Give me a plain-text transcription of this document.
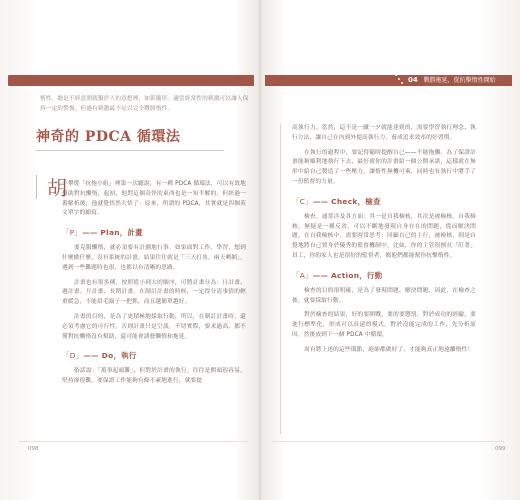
04 戰勝拖延，從抗擊惰性開始
惰性，總是不經意間就擬於人的意想裡，如影隨形。適當經常性的刺激可以讓人保持一定的警惕，但過有刺激最不足以完全戰勝惰性。
神奇的 PDCA 循環法
胡

小攀從「抗拖小組」裡第一次聽說，有一種 PDCA 循環法，可以有效地幫助對抗懶惰，起初，他對這個奇怪的東西也是一知半解的，但經過一番解析後，他就覺悟然大悟了：原來，所謂的 PDCA，其實就是四個英文單字的縮寫。

「P」—— Plan，計畫

要克服懶惰，就必須要有計劃地行事。如果面對工作、學習，想到什麼做什麼，沒有系統的計畫，結果往往就是「三天打魚，兩天晒網」，遇到一些難題時也很，也都以有清晰的思路。

計畫也有很多種，按照從小到大的順序，可將計畫分為：日計畫、週計畫、月計畫、長期計畫。在制訂計畫的時候，一定得分清事情的輕重緩急，不能眉毛鬍子一把抓，而且越簡單越好。

計畫的目的，是為了更積極地採取行動，所以，在制訂計畫時，還必須考慮它的可行性。否則計畫只是空談，不切實際，要求過高、都不僅對抗懶惰沒有幫助，還可能會誘發懶惰和拖延。

「D」—— Do，執行

俗話說：「萬事起頭難」，但對於計畫的執行，往往是開頭很容易，堅持卻很難。要保證工作能夠有條不紊地進行，就要提

098

高執行力。當然，這不是一蹴一夕就能達到的，需要學習執行理念、執行方法，讓自己在內到外提高執行力，養成追求效率的好習慣。

在執行的過程中，要記得隨時提醒自己——不能拖懶，為了保證計畫能夠順利地執行下去，最好就你的計畫給一個公開承諾，這樣就在無形中給自己製造了一些壓力，讓惰性無機可乘，同時也有執行中將手了一份監督的力量。

「C」—— Check，檢查

檢查，通常涉及各方面：其一是自我檢核，其次是被檢核。自我檢核，無疑是一種反省，可以不斷地發現自身存在的問題，從而解決問題，在自我檢核中，需要時常思考：回顧自己的主行，被檢核，則是自覺地將自己置身於優秀的監督機制中，比如，你的主管很擅長「盯著」員工，你的家人也是很好的監督者，都他們都能幫你抗擊惰性。

「A」—— Action，行動

檢查的目的很明確，是為了發現問題、解決問題，因此，在檢查之後，就要採取行動。

對於檢查的結果，好的要開戰，要的要懲罰，對於成功的經驗，要進行標準化，形成可以長遠的模式，對於沒能完成的工作，先分析原因，然後放到下一個 PDCA 中循環。

周有將上述的這些環節，絕卻都做好了，才能夠真正地遠離惰性！

099
